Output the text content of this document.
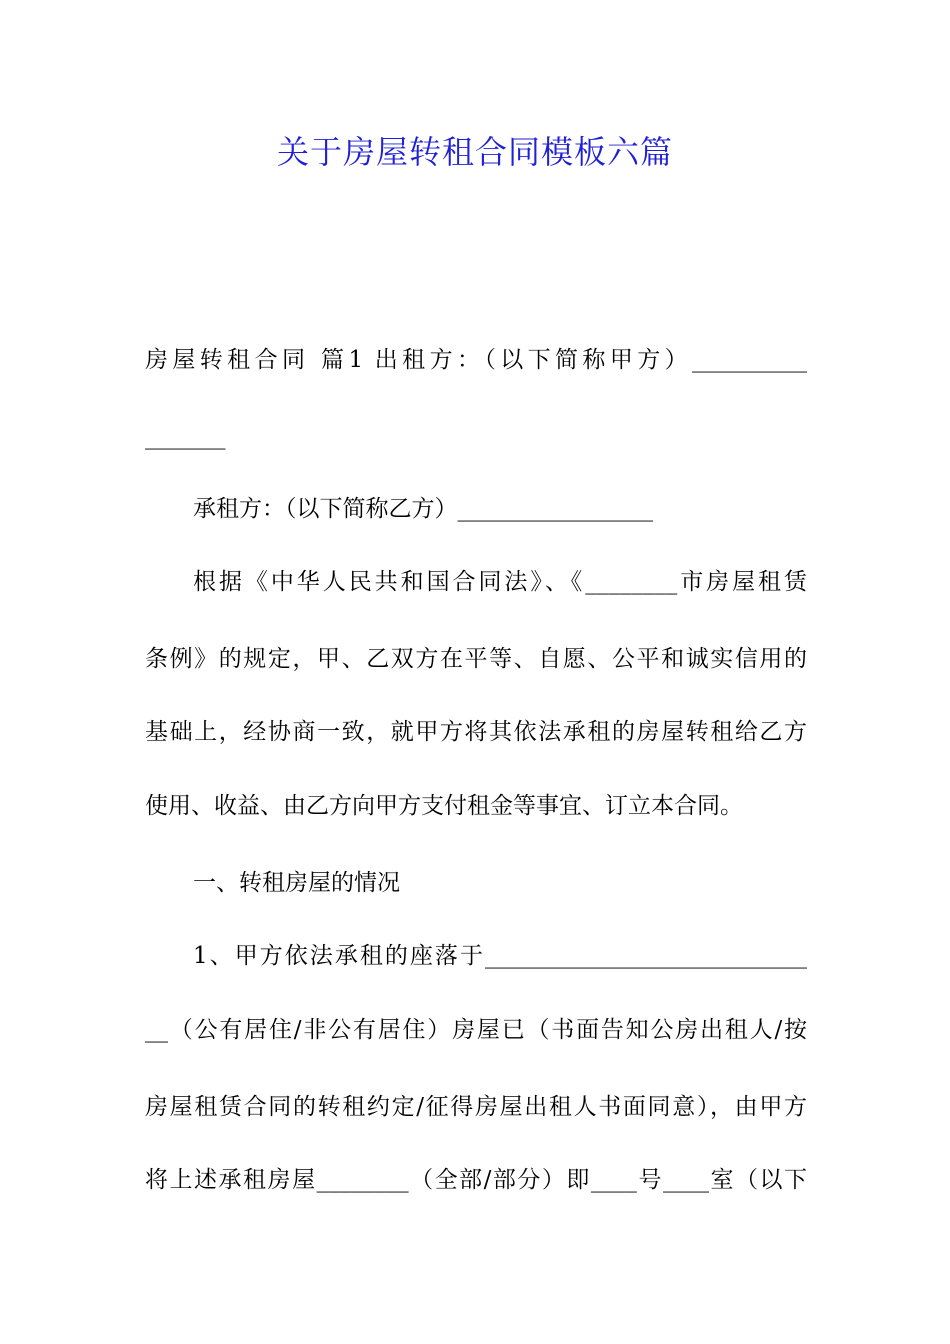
关于房屋转租合同模板六篇

房屋转租合同 篇1 出租方：（以下简称甲方）__________

_______

承租方：（以下简称乙方）_________________

根据《中华人民共和国合同法》、《________市房屋租赁

条例》的规定，甲、乙双方在平等、自愿、公平和诚实信用的

基础上，经协商一致，就甲方将其依法承租的房屋转租给乙方

使用、收益、由乙方向甲方支付租金等事宜、订立本合同。

一、转租房屋的情况

1、甲方依法承租的座落于____________________________

__（公有居住/非公有居住）房屋已（书面告知公房出租人/按

房屋租赁合同的转租约定/征得房屋出租人书面同意），由甲方

将上述承租房屋________（全部/部分）即____号____室（以下
